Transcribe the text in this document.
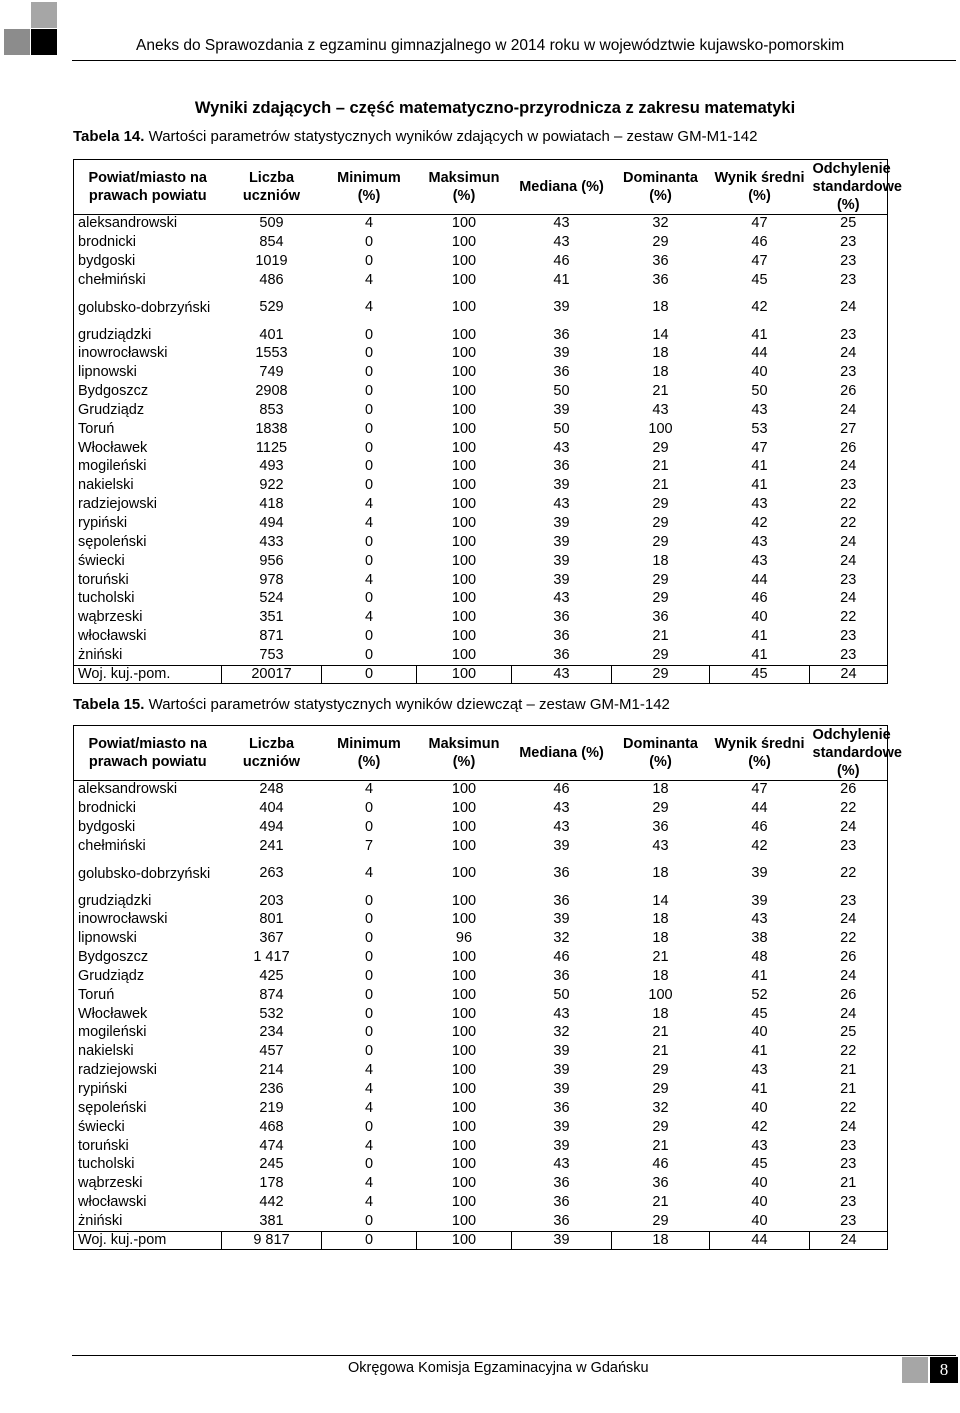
Aneks do Sprawozdania z egzaminu gimnazjalnego w 2014 roku w województwie kujawsko-pomorskim
Wyniki zdających – część matematyczno-przyrodnicza z zakresu matematyki
Tabela 14. Wartości parametrów statystycznych wyników zdających w powiatach – zestaw GM-M1-142
Powiat/miasto na prawach powiatu	Liczba uczniów	Minimum (%)	Maksimun (%)	Mediana (%)	Dominanta (%)	Wynik średni (%)	Odchylenie standardowe (%)
aleksandrowski	509	4	100	43	32	47	25
brodnicki	854	0	100	43	29	46	23
bydgoski	1019	0	100	46	36	47	23
chełmiński	486	4	100	41	36	45	23
golubsko-dobrzyński	529	4	100	39	18	42	24
grudziądzki	401	0	100	36	14	41	23
inowrocławski	1553	0	100	39	18	44	24
lipnowski	749	0	100	36	18	40	23
Bydgoszcz	2908	0	100	50	21	50	26
Grudziądz	853	0	100	39	43	43	24
Toruń	1838	0	100	50	100	53	27
Włocławek	1125	0	100	43	29	47	26
mogileński	493	0	100	36	21	41	24
nakielski	922	0	100	39	21	41	23
radziejowski	418	4	100	43	29	43	22
rypiński	494	4	100	39	29	42	22
sępoleński	433	0	100	39	29	43	24
świecki	956	0	100	39	18	43	24
toruński	978	4	100	39	29	44	23
tucholski	524	0	100	43	29	46	24
wąbrzeski	351	4	100	36	36	40	22
włocławski	871	0	100	36	21	41	23
żniński	753	0	100	36	29	41	23
Woj. kuj.-pom.	20017	0	100	43	29	45	24
Tabela 15. Wartości parametrów statystycznych wyników dziewcząt – zestaw GM-M1-142
Powiat/miasto na prawach powiatu	Liczba uczniów	Minimum (%)	Maksimun (%)	Mediana (%)	Dominanta (%)	Wynik średni (%)	Odchylenie standardowe (%)
aleksandrowski	248	4	100	46	18	47	26
brodnicki	404	0	100	43	29	44	22
bydgoski	494	0	100	43	36	46	24
chełmiński	241	7	100	39	43	42	23
golubsko-dobrzyński	263	4	100	36	18	39	22
grudziądzki	203	0	100	36	14	39	23
inowrocławski	801	0	100	39	18	43	24
lipnowski	367	0	96	32	18	38	22
Bydgoszcz	1 417	0	100	46	21	48	26
Grudziądz	425	0	100	36	18	41	24
Toruń	874	0	100	50	100	52	26
Włocławek	532	0	100	43	18	45	24
mogileński	234	0	100	32	21	40	25
nakielski	457	0	100	39	21	41	22
radziejowski	214	4	100	39	29	43	21
rypiński	236	4	100	39	29	41	21
sępoleński	219	4	100	36	32	40	22
świecki	468	0	100	39	29	42	24
toruński	474	4	100	39	21	43	23
tucholski	245	0	100	43	46	45	23
wąbrzeski	178	4	100	36	36	40	21
włocławski	442	4	100	36	21	40	23
żniński	381	0	100	36	29	40	23
Woj. kuj.-pom	9 817	0	100	39	18	44	24
Okręgowa Komisja Egzaminacyjna w Gdańsku	8
